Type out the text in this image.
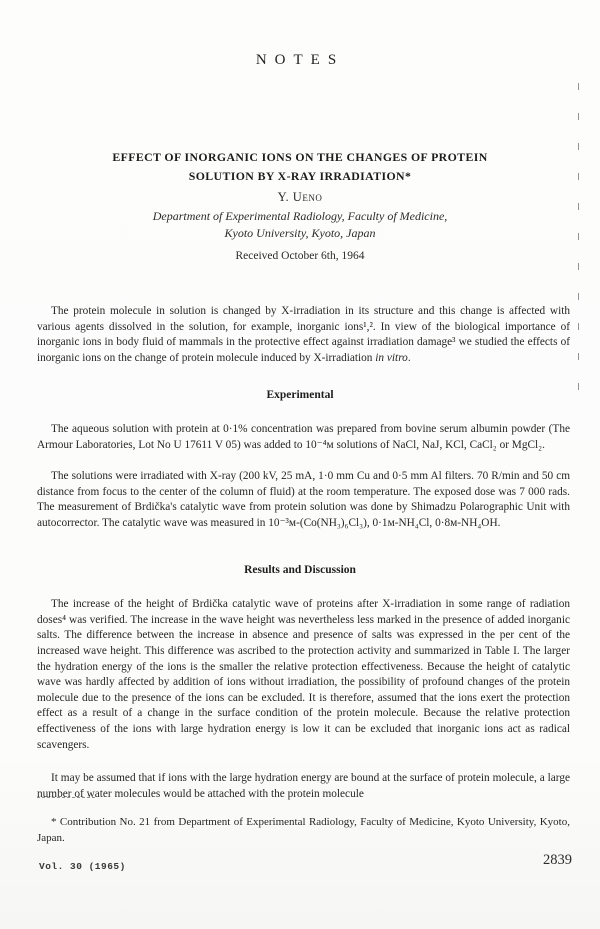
NOTES
EFFECT OF INORGANIC IONS ON THE CHANGES OF PROTEIN
SOLUTION BY X-RAY IRRADIATION*
Y. Ueno
Department of Experimental Radiology, Faculty of Medicine,
Kyoto University, Kyoto, Japan
Received October 6th, 1964

The protein molecule in solution is changed by X-irradiation in its structure and this change is affected with various agents dissolved in the solution, for example, inorganic ions¹,². In view of the biological importance of inorganic ions in body fluid of mammals in the protective effect against irradiation damage³ we studied the effects of inorganic ions on the change of protein molecule induced by X-irradiation in vitro.

Experimental

The aqueous solution with protein at 0·1% concentration was prepared from bovine serum albumin powder (The Armour Laboratories, Lot No U 17611 V 05) was added to 10⁻⁴ᴍ solutions of NaCl, NaJ, KCl, CaCl₂ or MgCl₂.

The solutions were irradiated with X-ray (200 kV, 25 mA, 1·0 mm Cu and 0·5 mm Al filters. 70 R/min and 50 cm distance from focus to the center of the column of fluid) at the room temperature. The exposed dose was 7 000 rads. The measurement of Brdička's catalytic wave from protein solution was done by Shimadzu Polarographic Unit with autocorrector. The catalytic wave was measured in 10⁻³ᴍ-(Co(NH₃)₆Cl₃), 0·1ᴍ-NH₄Cl, 0·8ᴍ-NH₄OH.

Results and Discussion

The increase of the height of Brdička catalytic wave of proteins after X-irradiation in some range of radiation doses⁴ was verified. The increase in the wave height was nevertheless less marked in the presence of added inorganic salts. The difference between the increase in absence and presence of salts was expressed in the per cent of the increased wave height. This difference was ascribed to the protection activity and summarized in Table I. The larger the hydration energy of the ions is the smaller the relative protection effectiveness. Because the height of catalytic wave was hardly affected by addition of ions without irradiation, the possibility of profound changes of the protein molecule due to the presence of the ions can be excluded. It is therefore, assumed that the ions exert the protection effect as a result of a change in the surface condition of the protein molecule. Because the relative protection effectiveness of the ions with large hydration energy is low it can be excluded that inorganic ions act as radical scavengers.

It may be assumed that if ions with the large hydration energy are bound at the surface of protein molecule, a large number of water molecules would be attached with the protein molecule

* Contribution No. 21 from Department of Experimental Radiology, Faculty of Medicine, Kyoto University, Kyoto, Japan.

Vol. 30 (1965)	2839
